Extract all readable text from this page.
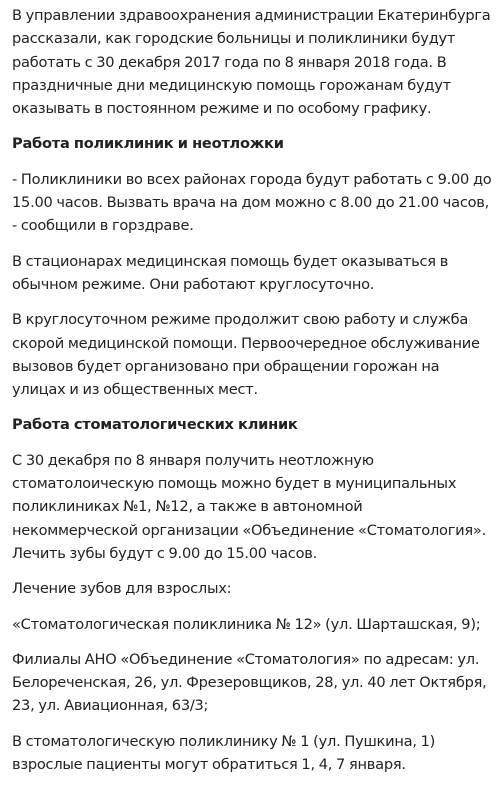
В управлении здравоохранения администрации Екатеринбурга
рассказали, как городские больницы и поликлиники будут
работать с 30 декабря 2017 года по 8 января 2018 года. В
праздничные дни медицинскую помощь горожанам будут
оказывать в постоянном режиме и по особому графику.

Работа поликлиник и неотложки

- Поликлиники во всех районах города будут работать с 9.00 до
15.00 часов. Вызвать врача на дом можно с 8.00 до 21.00 часов,
- сообщили в горздраве.

В стационарах медицинская помощь будет оказываться в
обычном режиме. Они работают круглосуточно.

В круглосуточном режиме продолжит свою работу и служба
скорой медицинской помощи. Первоочередное обслуживание
вызовов будет организовано при обращении горожан на
улицах и из общественных мест.

Работа стоматологических клиник

С 30 декабря по 8 января получить неотложную
стоматолоическую помощь можно будет в муниципальных
поликлиниках №1, №12, а также в автономной
некоммерческой организации «Объединение «Стоматология».
Лечить зубы будут с 9.00 до 15.00 часов.

Лечение зубов для взрослых:

«Стоматологическая поликлиника № 12» (ул. Шарташская, 9);

Филиалы АНО «Объединение «Стоматология» по адресам: ул.
Белореченская, 26, ул. Фрезеровщиков, 28, ул. 40 лет Октября,
23, ул. Авиационная, 63/3;

В стоматологическую поликлинику № 1 (ул. Пушкина, 1)
взрослые пациенты могут обратиться 1, 4, 7 января.
